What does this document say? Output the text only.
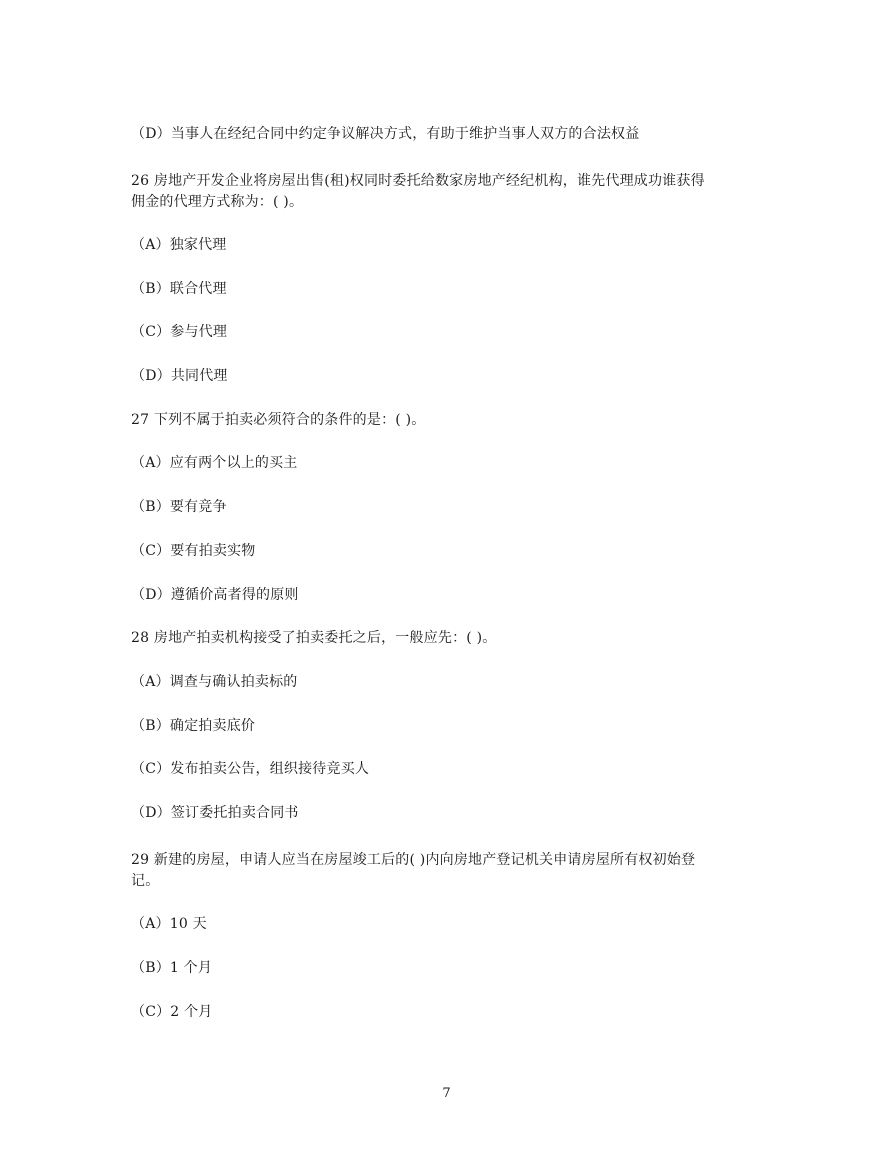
（D）当事人在经纪合同中约定争议解决方式，有助于维护当事人双方的合法权益
26 房地产开发企业将房屋出售(租)权同时委托给数家房地产经纪机构，谁先代理成功谁获得
佣金的代理方式称为：( )。
（A）独家代理
（B）联合代理
（C）参与代理
（D）共同代理
27 下列不属于拍卖必须符合的条件的是：( )。
（A）应有两个以上的买主
（B）要有竞争
（C）要有拍卖实物
（D）遵循价高者得的原则
28 房地产拍卖机构接受了拍卖委托之后，一般应先：( )。
（A）调查与确认拍卖标的
（B）确定拍卖底价
（C）发布拍卖公告，组织接待竞买人
（D）签订委托拍卖合同书
29 新建的房屋，申请人应当在房屋竣工后的( )内向房地产登记机关申请房屋所有权初始登
记。
（A）10 天
（B）1 个月
（C）2 个月
7
